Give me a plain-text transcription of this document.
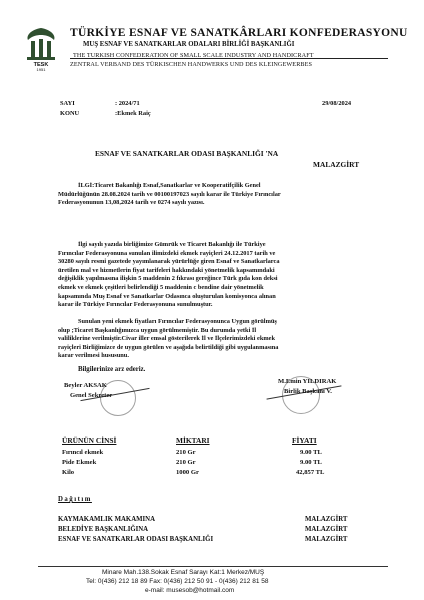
TESK
1951
TÜRKİYE ESNAF VE SANATKÂRLARI KONFEDERASYONU
MUŞ ESNAF VE SANATKARLAR ODALARI BİRLİĞİ BAŞKANLIĞI
THE TURKISH CONFEDERATION OF SMALL SCALE INDUSTRY AND HANDICRAFT
ZENTRAL VERBAND DES TÜRKISCHEN HANDWERKS UND DES KLEINGEWERBES
SAYI	: 2024/71
KONU	:Ekmek Raiç
29/08/2024
ESNAF VE SANATKARLAR ODASI BAŞKANLIĞI 'NA
MALAZGİRT
İLGİ:Ticaret Bakanlığı Esnaf,Sanatkarlar ve Kooperatifçilik Genel
Müdürlüğünün 28.08.2024 tarih ve 00100197023 sayılı karar ile Türkiye Fırıncılar
Federasyonunun 13,08,2024 tarih ve 0274 sayılı yazısı.
İlgi sayılı yazıda birliğimize Gümrük ve Ticaret Bakanlığı ile Türkiye
Fırıncılar Federasyonuna sunulan ilimizdeki ekmek rayiçleri 24.12.2017 tarih ve
30280 sayılı resmi gazetede yayımlanarak yürürlüğe giren Esnaf ve Sanatkarlarca
üretilen mal ve hizmetlerin fiyat tarifeleri hakkındaki yönetmelik kapsamındaki
değişiklik yapılmasına ilişkin 5 maddenin 2 fıkrası gereğince Türk gıda kon deksi
ekmek ve ekmek çeşitleri belirlendiği 5 maddenin c bendine dair yönetmelik
kapsamında Muş Esnaf ve Sanatkarlar Odasınca oluşturulan komisyonca alınan
karar ile Türkiye Fırıncılar Federasyonuna sunulmuştur.
Sunulan yeni ekmek fiyatları Fırıncılar Federasyonunca Uygun görülmüş
olup ;Ticaret Başkanlığımızca uygun görülmemiştir. Bu durumda yetki İl
valiliklerine verilmiştir.Civar iller emsal gösterilerek İl ve İlçelerimizdeki ekmek
rayiçleri Birliğimizce de uygun görülen ve aşağıda belirtildiği gibi uygulanmasına
karar verilmesi hususunu.
Bilgilerinize arz ederiz.
Beyler AKSAK
Genel Sekreter
M.Emin YILDIRAK
Birlik Başkanı V.
ÜRÜNÜN CİNSİ	MİKTARI	FİYATI
Fırıncıl ekmek	210 Gr	9.00 TL
Pide Ekmek	210 Gr	9.00 TL
Kilo	1000 Gr	42,857 TL
Dağıtım
KAYMAKAMLIK MAKAMINA	MALAZGİRT
BELEDİYE BAŞKANLIĞINA	MALAZGİRT
ESNAF VE SANATKARLAR ODASI BAŞKANLIĞI	MALAZGİRT
Minare Mah.138.Sokak Esnaf Sarayı Kat:1 Merkez/MUŞ
Tel: 0(436) 212 18 89 Fax: 0(436) 212 50 91 - 0(436) 212 81 58
e-mail: musesob@hotmail.com
